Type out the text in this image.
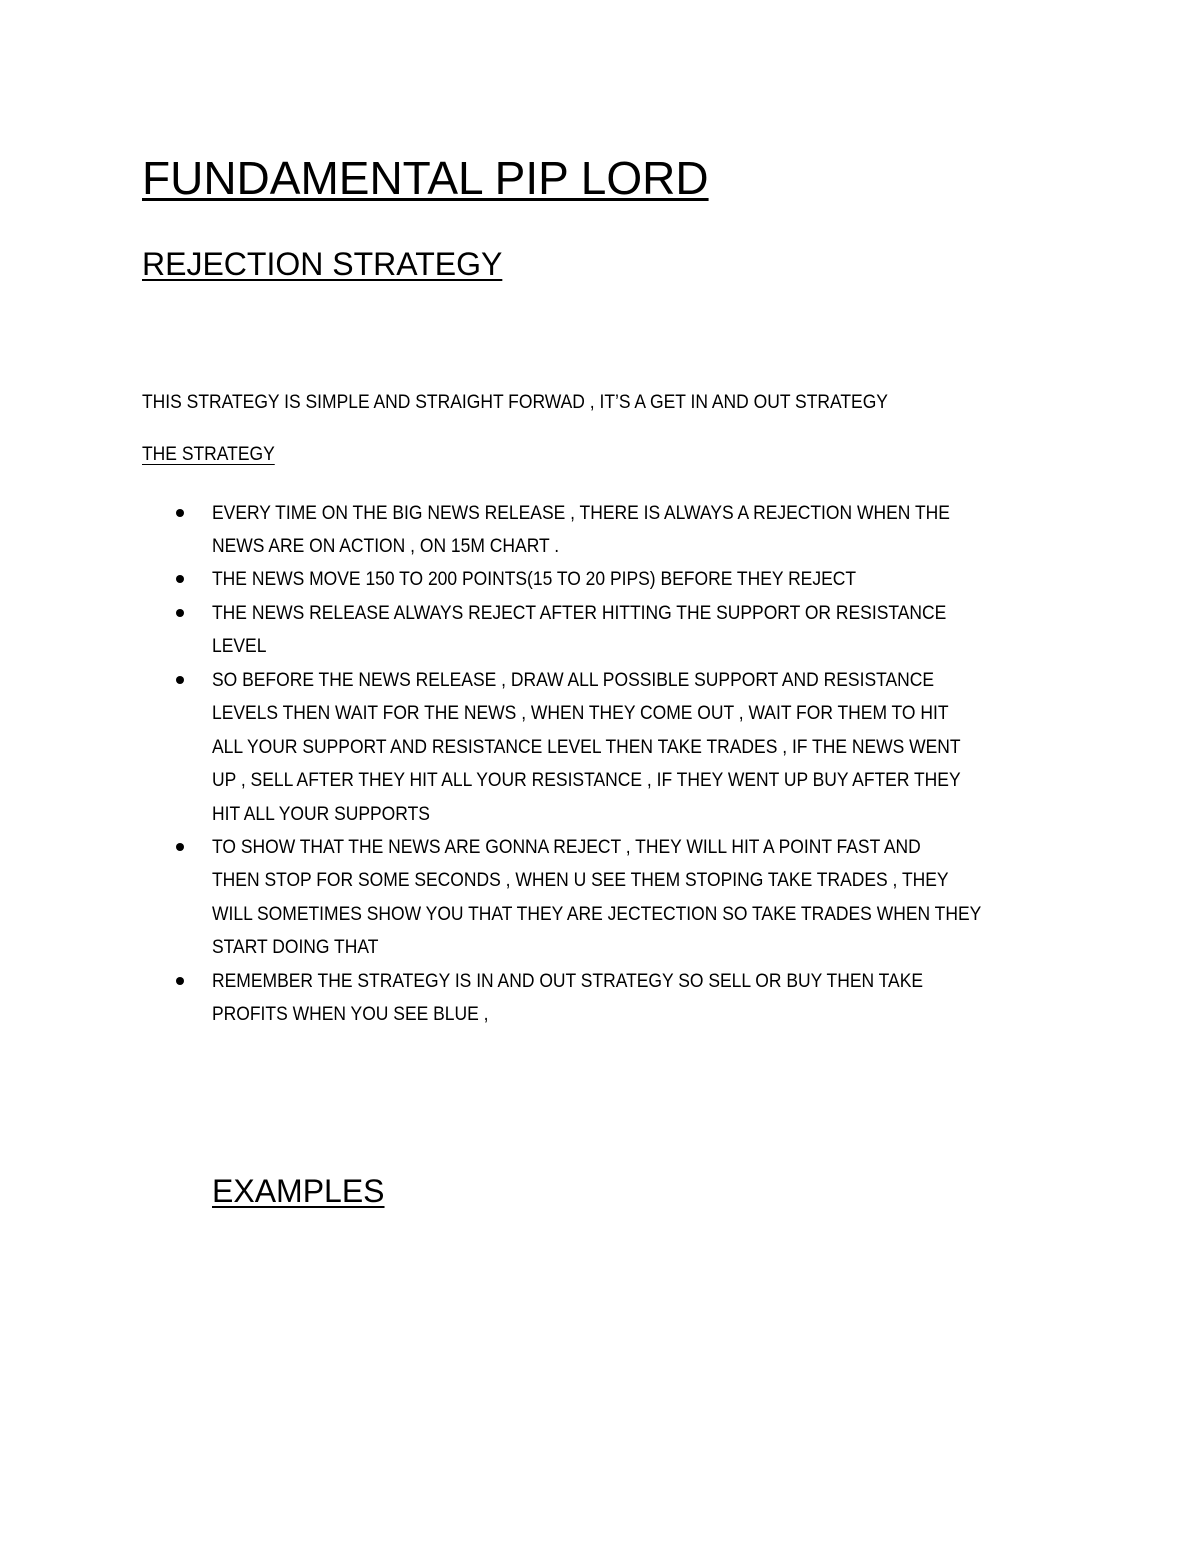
FUNDAMENTAL PIP LORD
REJECTION STRATEGY
THIS STRATEGY IS SIMPLE AND STRAIGHT FORWAD , IT’S A GET IN AND OUT STRATEGY
THE STRATEGY
EVERY TIME ON THE BIG NEWS RELEASE , THERE IS ALWAYS A REJECTION WHEN THE
NEWS ARE ON ACTION , ON 15M CHART .
THE NEWS MOVE 150 TO 200 POINTS(15 TO 20 PIPS) BEFORE THEY REJECT
THE NEWS RELEASE ALWAYS REJECT AFTER HITTING THE SUPPORT OR RESISTANCE
LEVEL
SO BEFORE THE NEWS RELEASE , DRAW ALL POSSIBLE SUPPORT AND RESISTANCE
LEVELS THEN WAIT FOR THE NEWS , WHEN THEY COME OUT , WAIT FOR THEM TO HIT
ALL YOUR SUPPORT AND RESISTANCE LEVEL THEN TAKE TRADES , IF THE NEWS WENT
UP , SELL AFTER THEY HIT ALL YOUR RESISTANCE , IF THEY WENT UP BUY AFTER THEY
HIT ALL YOUR SUPPORTS
TO SHOW THAT THE NEWS ARE GONNA REJECT , THEY WILL HIT A POINT FAST AND
THEN STOP FOR SOME SECONDS , WHEN U SEE THEM STOPING TAKE TRADES , THEY
WILL SOMETIMES SHOW YOU THAT THEY ARE JECTECTION SO TAKE TRADES WHEN THEY
START DOING THAT
REMEMBER THE STRATEGY IS IN AND OUT STRATEGY SO SELL OR BUY THEN TAKE
PROFITS WHEN YOU SEE BLUE ,
EXAMPLES
